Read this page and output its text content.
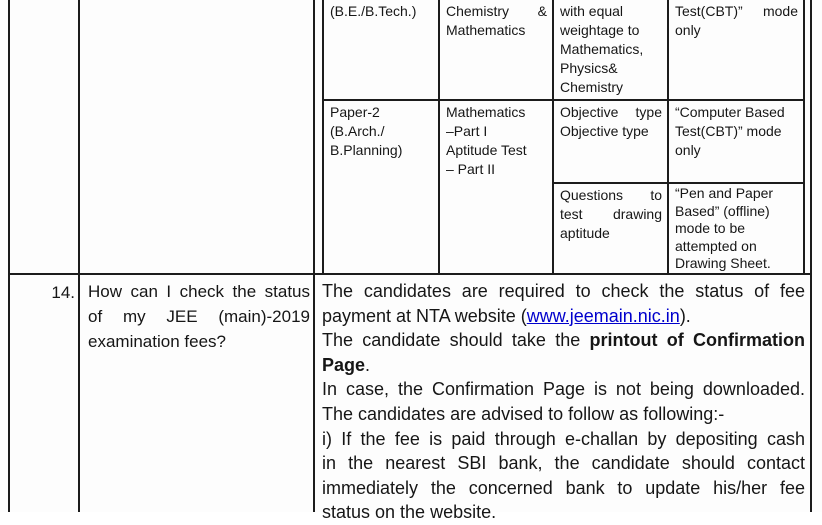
(B.E./B.Tech.)	Chemistry &
Mathematics
with equal
weightage to
Mathematics,
Physics&
Chemistry
Test(CBT)” mode
only
Paper-2
(B.Arch./
B.Planning)
Mathematics
–Part I
Aptitude Test
– Part II
Objective type
Objective type
“Computer Based
Test(CBT)” mode
only
Questions to
test drawing
aptitude
“Pen and Paper
Based” (offline)
mode to be
attempted on
Drawing Sheet.
14. How can I check the status
of my JEE (main)-2019
examination fees?
The candidates are required to check the status of fee
payment at NTA website (www.jeemain.nic.in).
The candidate should take the printout of Confirmation
Page.
In case, the Confirmation Page is not being downloaded.
The candidates are advised to follow as following:-
i) If the fee is paid through e-challan by depositing cash
in the nearest SBI bank, the candidate should contact
immediately the concerned bank to update his/her fee
status on the website.
